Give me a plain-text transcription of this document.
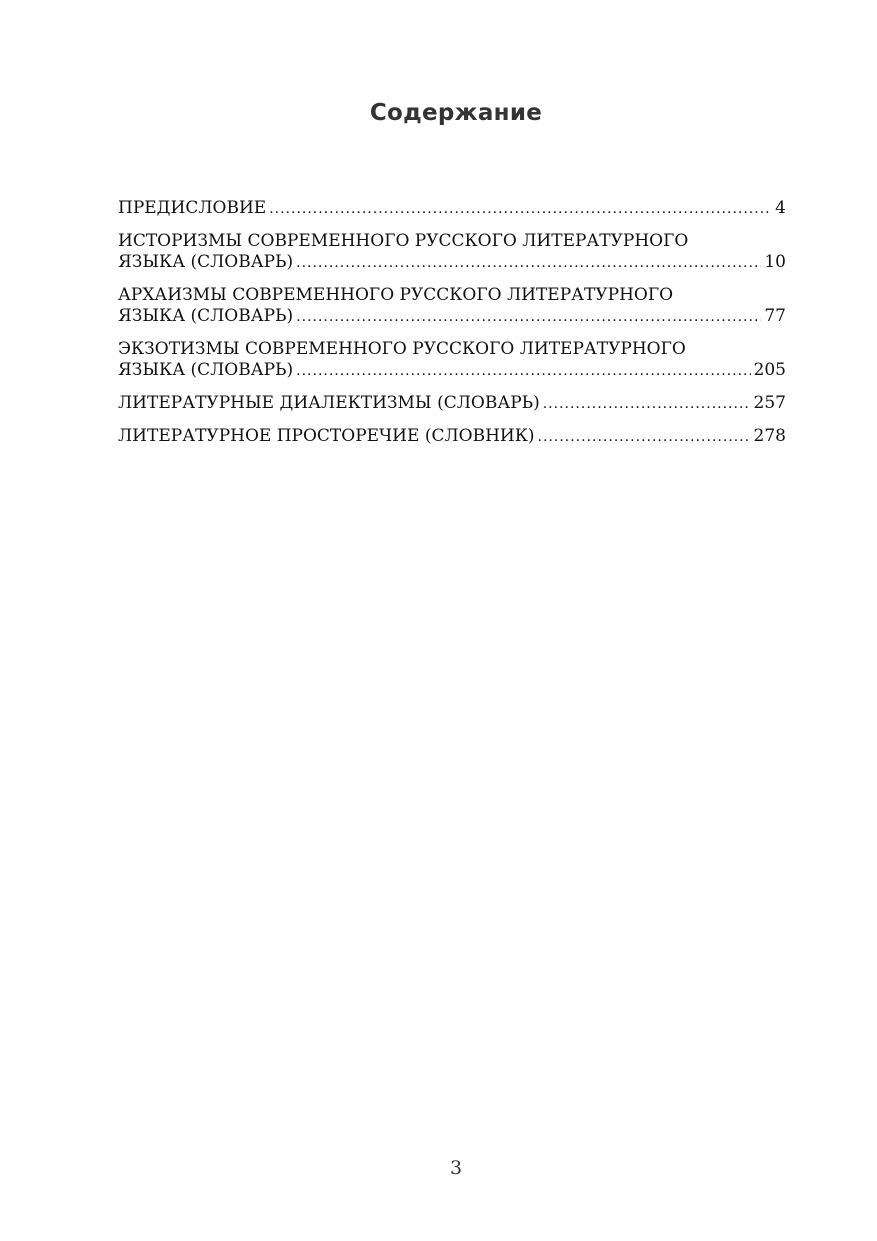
Содержание
ПРЕДИСЛОВИЕ .....	4
ИСТОРИЗМЫ СОВРЕМЕННОГО РУССКОГО ЛИТЕРАТУРНОГО
ЯЗЫКА (СЛОВАРЬ) .....	10
АРХАИЗМЫ СОВРЕМЕННОГО РУССКОГО ЛИТЕРАТУРНОГО
ЯЗЫКА (СЛОВАРЬ) .....	77
ЭКЗОТИЗМЫ СОВРЕМЕННОГО РУССКОГО ЛИТЕРАТУРНОГО
ЯЗЫКА (СЛОВАРЬ) .....	205
ЛИТЕРАТУРНЫЕ ДИАЛЕКТИЗМЫ (СЛОВАРЬ) .....	257
ЛИТЕРАТУРНОЕ ПРОСТОРЕЧИЕ (СЛОВНИК) .....	278
3
